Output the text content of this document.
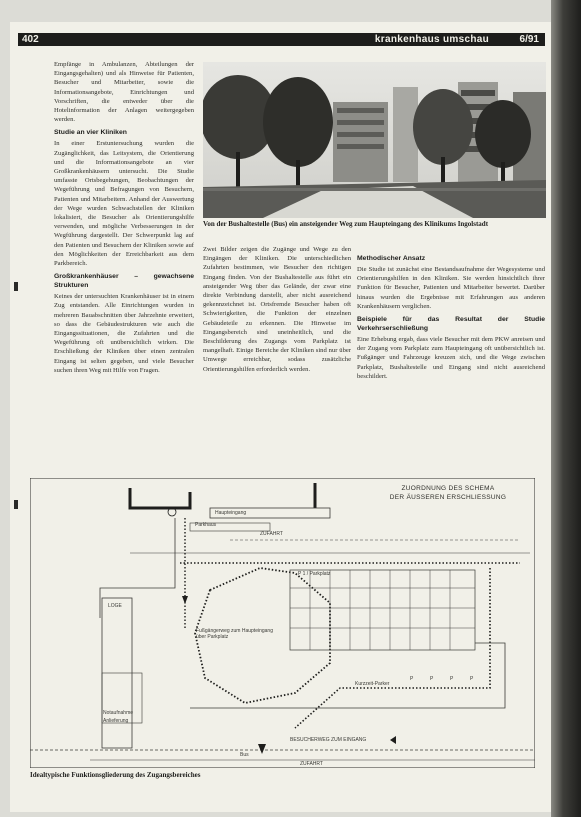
402	krankenhaus umschau	6/91

Empfänge in Ambulanzen, Abteilungen der Eingangsgehalten) und als Hinweise für Patienten, Besucher und Mitarbeiter, sowie die Informationsangebote, Einrichtungen und Vorschriften, die entweder über die Hotelinformation der Anlagen weitergegeben werden.

Studie an vier Kliniken

In einer Erstuntersuchung wurden die Zugänglichkeit, das Leitsystem, die Orientierung und die Informationsangebote an vier Großkrankenhäusern untersucht. Die Studie umfasste Ortsbegehungen, Beobachtungen der Wegeführung und Befragungen von Besuchern, Patienten und Mitarbeitern. Anhand der Auswertung der Wege wurden Schwachstellen der Kliniken lokalisiert, die Besucher als Orientierungshilfe verwenden, und mögliche Verbesserungen in der Wegführung dargestellt. Der Schwerpunkt lag auf den Patienten und Besuchern der Kliniken sowie auf den Möglichkeiten der Erreichbarkeit aus dem Parkbereich.

Großkrankenhäuser – gewachsene Strukturen

Keines der untersuchten Krankenhäuser ist in einem Zug entstanden. Alle Einrichtungen wurden in mehreren Bauabschnitten über Jahrzehnte erweitert, so dass die Gebäudestrukturen wie auch die Eingangssituationen, die Zufahrten und die Wegeführung oft unübersichtlich wirken. Die Erschließung der Kliniken über einen zentralen Eingang ist selten gegeben, und viele Besucher suchen ihren Weg mit Hilfe von Fragen.

Von der Bushaltestelle (Bus) ein ansteigender Weg zum Haupteingang des Klinikums Ingolstadt

Zwei Bilder zeigen die Zugänge und Wege zu den Eingängen der Kliniken. Die unterschiedlichen Zufahrten bestimmen, wie Besucher den richtigen Eingang finden. Von der Bushaltestelle aus führt ein ansteigender Weg über das Gelände, der zwar eine direkte Verbindung darstellt, aber nicht ausreichend gekennzeichnet ist. Ortsfremde Besucher haben oft Schwierigkeiten, die Funktion der einzelnen Gebäudeteile zu erkennen. Die Hinweise im Eingangsbereich sind uneinheitlich, und die Beschilderung des Zugangs vom Parkplatz ist mangelhaft. Einige Bereiche der Kliniken sind nur über Umwege erreichbar, sodass zusätzliche Orientierungshilfen erforderlich werden.

Methodischer Ansatz

Die Studie ist zunächst eine Bestandsaufnahme der Wegesysteme und Orientierungshilfen in den Kliniken. Sie werden hinsichtlich ihrer Funktion für Besucher, Patienten und Mitarbeiter bewertet. Darüber hinaus wurden die Ergebnisse mit Erfahrungen aus anderen Krankenhäusern verglichen.

Beispiele für das Resultat der Studie Verkehrserschließung

Eine Erhebung ergab, dass viele Besucher mit dem PKW anreisen und der Zugang vom Parkplatz zum Haupteingang oft unübersichtlich ist. Fußgänger und Fahrzeuge kreuzen sich, und die Wege zwischen Parkplatz, Bushaltestelle und Eingang sind nicht ausreichend beschildert.

ZUORDNUNG DES SCHEMA
DER ÄUSSEREN ERSCHLIESSUNG
Haupteingang
Parkhaus
ZUFAHRT
P 1 / Parkplatz
LOGE
Fußgängerweg zum Haupteingang über Parkplatz
Kurzzeit-Parker
P	P	P	P
Notaufnahme
Anlieferung
BESUCHERWEG ZUM EINGANG
ZUFAHRT
Bus
Idealtypische Funktionsgliederung des Zugangsbereiches
